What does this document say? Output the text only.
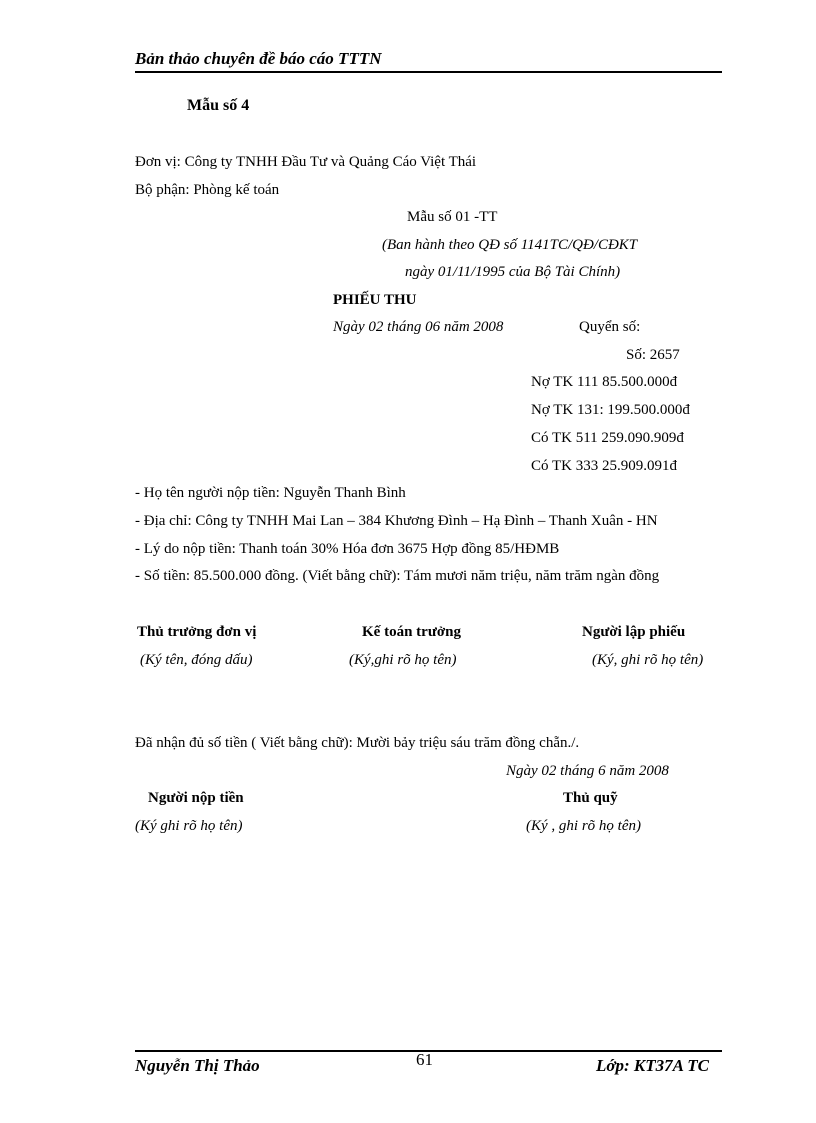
Bản thảo chuyên đề báo cáo TTTN
Mẫu số 4
Đơn vị: Công ty TNHH Đầu Tư và Quảng Cáo Việt Thái
Bộ phận: Phòng kế toán
Mẫu số 01 -TT
(Ban hành theo QĐ số 1141TC/QĐ/CĐKT
ngày 01/11/1995 của Bộ Tài Chính)
PHIẾU THU
Ngày 02 tháng 06 năm 2008	Quyển số:
Số: 2657
Nợ TK 111 85.500.000đ
Nợ TK 131: 199.500.000đ
Có TK 511 259.090.909đ
Có TK 333 25.909.091đ
- Họ tên người nộp tiền: Nguyễn Thanh Bình
- Địa chỉ: Công ty TNHH Mai Lan – 384 Khương Đình – Hạ Đình – Thanh Xuân - HN
- Lý do nộp tiền: Thanh toán 30% Hóa đơn 3675 Hợp đồng 85/HĐMB
- Số tiền: 85.500.000 đồng. (Viết bằng chữ): Tám mươi năm triệu, năm trăm ngàn đồng
Thủ trưởng đơn vị
(Ký tên, đóng dấu)
Kế toán trưởng
(Ký,ghi rõ họ tên)
Người lập phiếu
(Ký, ghi rõ họ tên)
Đã nhận đủ số tiền ( Viết bằng chữ): Mười bảy triệu sáu trăm đồng chẵn./.
Ngày 02 tháng 6 năm 2008
Người nộp tiền
(Ký ghi rõ họ tên)
Thủ quỹ
(Ký , ghi rõ họ tên)
Nguyễn Thị Thảo	61	Lớp: KT37A TC
